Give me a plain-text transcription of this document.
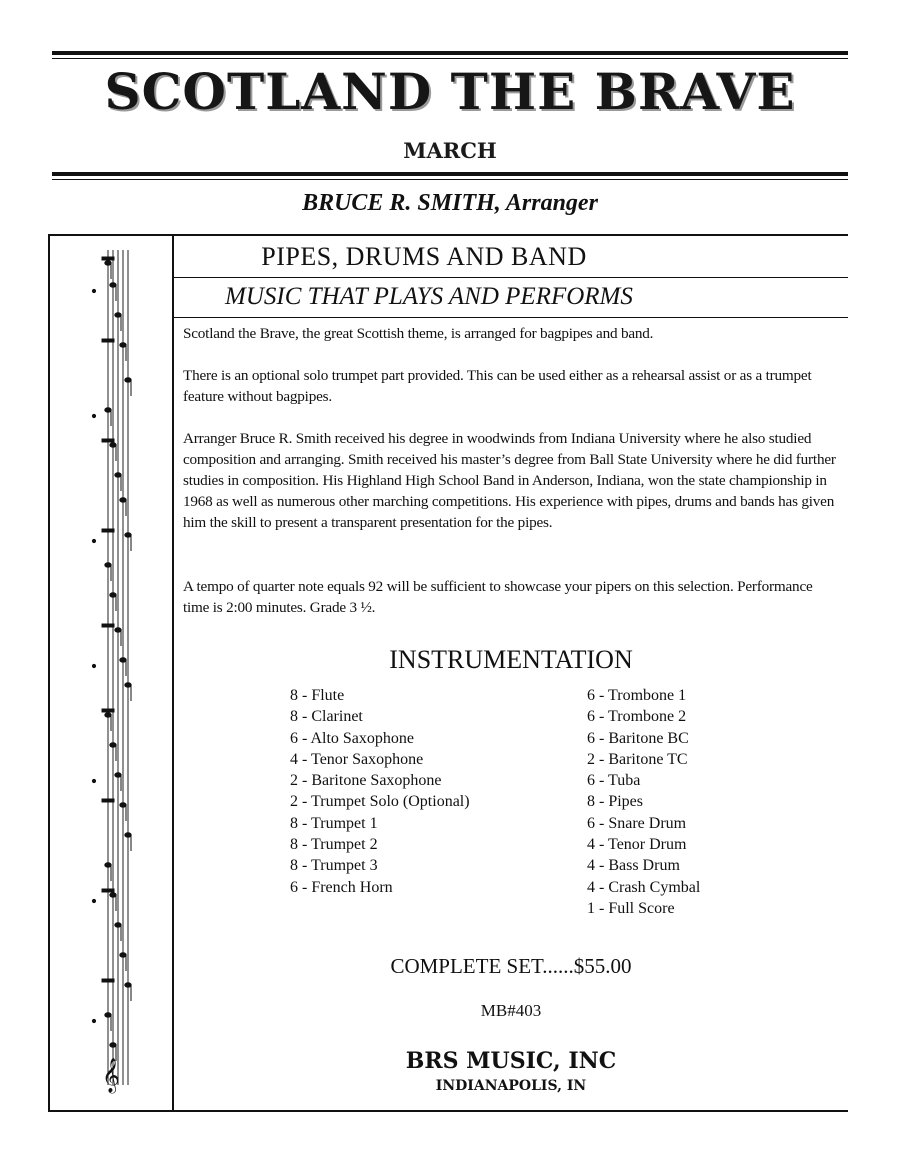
SCOTLAND THE BRAVE
MARCH
BRUCE R. SMITH, Arranger
𝄞
PIPES, DRUMS AND BAND
MUSIC THAT PLAYS AND PERFORMS
Scotland the Brave, the great Scottish theme, is arranged for bagpipes and band.
There is an optional solo trumpet part provided. This can be used either as a rehearsal assist or as a trumpet feature without bagpipes.
Arranger Bruce R. Smith received his degree in woodwinds from Indiana University where he also studied composition and arranging. Smith received his master’s degree from Ball State University where he did further studies in composition. His Highland High School Band in Anderson, Indiana, won the state championship in 1968 as well as numerous other marching competitions. His experience with pipes, drums and bands has given him the skill to present a transparent presentation for the pipes.
A tempo of quarter note equals 92 will be sufficient to showcase your pipers on this selection. Performance time is 2:00 minutes. Grade 3 ½.
INSTRUMENTATION
8 - Flute
8 - Clarinet
6 - Alto Saxophone
4 - Tenor Saxophone
2 - Baritone Saxophone
2 - Trumpet Solo (Optional)
8 - Trumpet 1
8 - Trumpet 2
8 - Trumpet 3
6 - French Horn
6 - Trombone 1
6 - Trombone 2
6 - Baritone BC
2 - Baritone TC
6 - Tuba
8 - Pipes
6 - Snare Drum
4 - Tenor Drum
4 - Bass Drum
4 - Crash Cymbal
1 - Full Score
COMPLETE SET......$55.00
MB#403
BRS MUSIC, INC
INDIANAPOLIS, IN
